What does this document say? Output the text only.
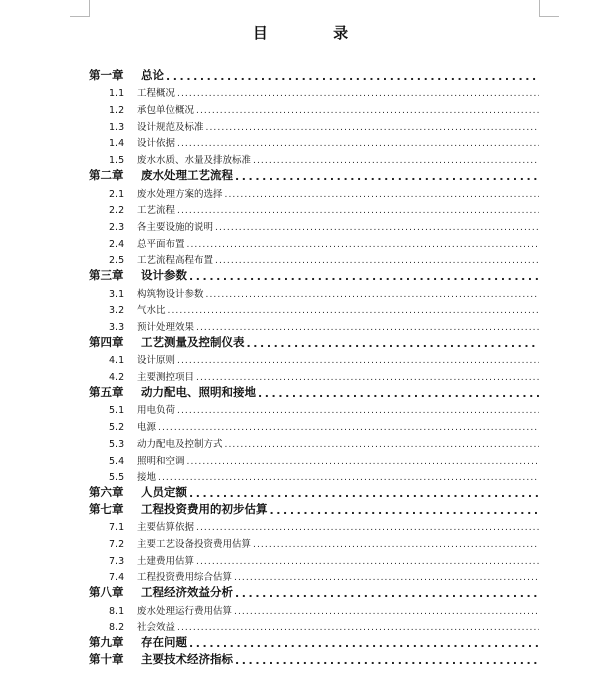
目 录
第一章	总论
.....
1.1	工程概况
.....
1.2	承包单位概况
.....
1.3	设计规范及标准
.....
1.4	设计依据
.....
1.5	废水水质、水量及排放标准
.....
第二章	废水处理工艺流程
.....
2.1	废水处理方案的选择
.....
2.2	工艺流程
.....
2.3	各主要设施的说明
.....
2.4	总平面布置
.....
2.5	工艺流程高程布置
.....
第三章	设计参数
.....
3.1	构筑物设计参数
.....
3.2	气水比
.....
3.3	预计处理效果
.....
第四章	工艺测量及控制仪表
.....
4.1	设计原则
.....
4.2	主要测控项目
.....
第五章	动力配电、照明和接地
.....
5.1	用电负荷
.....
5.2	电源
.....
5.3	动力配电及控制方式
.....
5.4	照明和空调
.....
5.5	接地
.....
第六章	人员定额
.....
第七章	工程投资费用的初步估算
.....
7.1	主要估算依据
.....
7.2	主要工艺设备投资费用估算
.....
7.3	土建费用估算
.....
7.4	工程投资费用综合估算
.....
第八章	工程经济效益分析
.....
8.1	废水处理运行费用估算
.....
8.2	社会效益
.....
第九章	存在问题
.....
第十章	主要技术经济指标
.....
